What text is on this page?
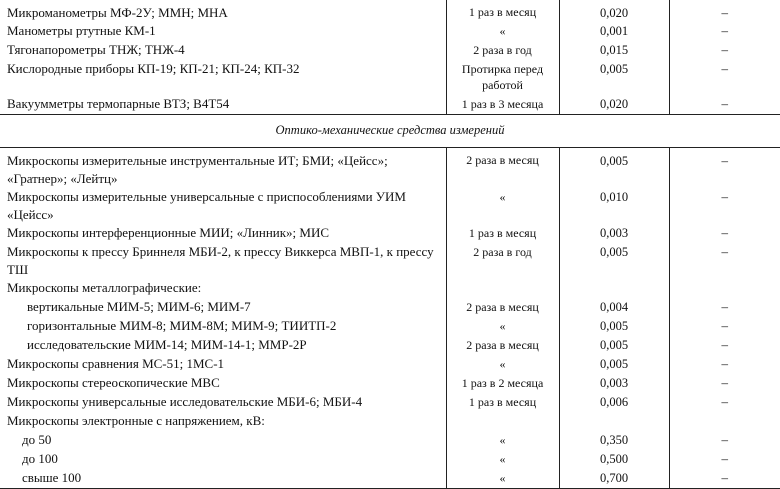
Микроманометры МФ-2У; ММН; МНА	1 раз в месяц	0,020	–
Манометры ртутные КМ-1	«	0,001	–
Тягонапорометры ТНЖ; ТНЖ-4	2 раза в год	0,015	–
Кислородные приборы КП-19; КП-21; КП-24; КП-32	Протирка перед работой	0,005	–
Вакуумметры термопарные ВТЗ; В4Т54	1 раз в 3 месяца	0,020	–
Оптико-механические средства измерений			
Микроскопы измерительные инструментальные ИТ; БМИ; «Цейсс»; «Гратнер»; «Лейтц»	2 раза в месяц	0,005	–
Микроскопы измерительные универсальные с приспособлениями УИМ «Цейсс»	«	0,010	–
Микроскопы интерференционные МИИ; «Линник»; МИС	1 раз в месяц	0,003	–
Микроскопы к прессу Бриннеля МБИ-2, к прессу Виккерса МВП-1, к прессу ТШ	2 раза в год	0,005	–
Микроскопы металлографические:			
вертикальные МИМ-5; МИМ-6; МИМ-7	2 раза в месяц	0,004	–
горизонтальные МИМ-8; МИМ-8М; МИМ-9; ТИИТП-2	«	0,005	–
исследовательские МИМ-14; МИМ-14-1; ММР-2Р	2 раза в месяц	0,005	–
Микроскопы сравнения МС-51; 1МС-1	«	0,005	–
Микроскопы стереоскопические МВС	1 раз в 2 месяца	0,003	–
Микроскопы универсальные исследовательские МБИ-6; МБИ-4	1 раз в месяц	0,006	–
Микроскопы электронные с напряжением, кВ:			
до 50	«	0,350	–
до 100	«	0,500	–
свыше 100	«	0,700	–
